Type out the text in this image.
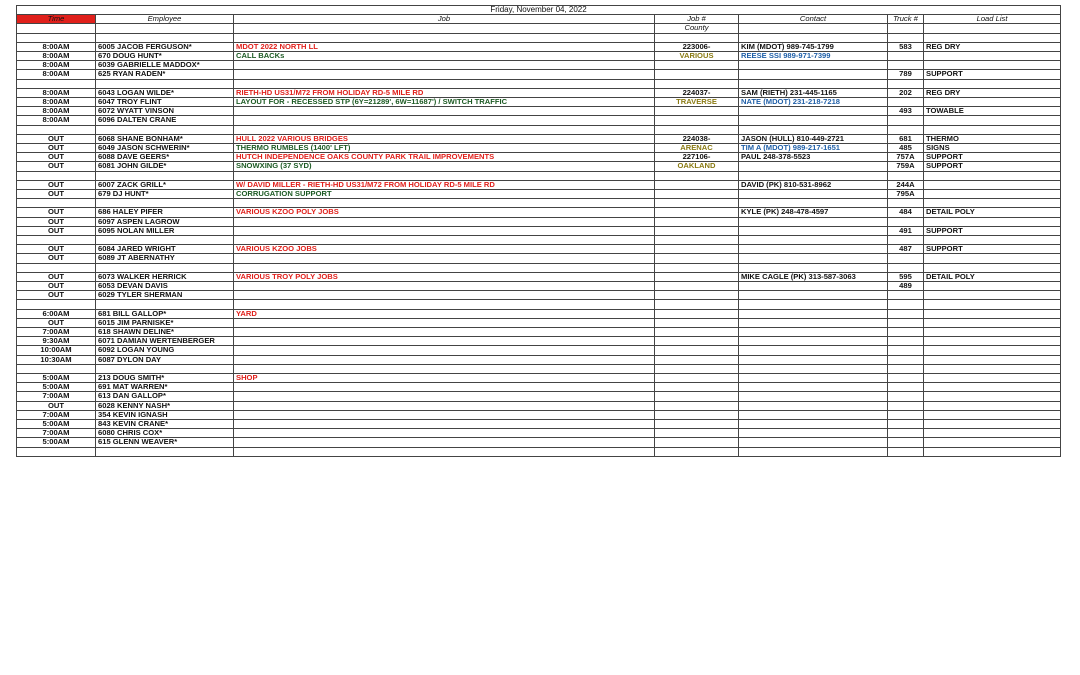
Friday, November 04, 2022						
Time	Employee	Job	Job #	Contact	Truck #	Load List
			County			

8:00AM	6005 JACOB FERGUSON*	MDOT 2022 NORTH LL	223006-	KIM (MDOT) 989-745-1799	583	REG DRY
8:00AM	670 DOUG HUNT*	CALL BACKs	VARIOUS	REESE SSI 989-971-7399		
8:00AM	6039 GABRIELLE MADDOX*					
8:00AM	625 RYAN RADEN*				789	SUPPORT

8:00AM	6043 LOGAN WILDE*	RIETH-HD US31/M72 FROM HOLIDAY RD-5 MILE RD	224037-	SAM (RIETH) 231-445-1165	202	REG DRY
8:00AM	6047 TROY FLINT	LAYOUT FOR - RECESSED STP (6Y=21289', 6W=11687') / SWITCH TRAFFIC	TRAVERSE	NATE (MDOT) 231-218-7218		
8:00AM	6072 WYATT VINSON				493	TOWABLE
8:00AM	6096 DALTEN CRANE					

OUT	6068 SHANE BONHAM*	HULL 2022 VARIOUS BRIDGES	224038-	JASON (HULL) 810-449-2721	681	THERMO
OUT	6049 JASON SCHWERIN*	THERMO RUMBLES (1400' LFT)	ARENAC	TIM A (MDOT) 989-217-1651	485	SIGNS
OUT	6088 DAVE GEERS*	HUTCH INDEPENDENCE OAKS COUNTY PARK TRAIL IMPROVEMENTS	227106-	PAUL 248-378-5523	757A	SUPPORT
OUT	6081 JOHN GILDE*	SNOWXING (37 SYD)	OAKLAND		759A	SUPPORT

OUT	6007 ZACK GRILL*	W/ DAVID MILLER - RIETH-HD US31/M72 FROM HOLIDAY RD-5 MILE RD		DAVID (PK) 810-531-8962	244A	
OUT	679 DJ HUNT*	CORRUGATION SUPPORT			795A	

OUT	686 HALEY PIFER	VARIOUS KZOO POLY JOBS		KYLE (PK) 248-478-4597	484	DETAIL POLY
OUT	6097 ASPEN LAGROW					
OUT	6095 NOLAN MILLER				491	SUPPORT

OUT	6084 JARED WRIGHT	VARIOUS KZOO JOBS			487	SUPPORT
OUT	6089 JT ABERNATHY					

OUT	6073 WALKER HERRICK	VARIOUS TROY POLY JOBS		MIKE CAGLE (PK) 313-587-3063	595	DETAIL POLY
OUT	6053 DEVAN DAVIS				489	
OUT	6029 TYLER SHERMAN					

6:00AM	681 BILL GALLOP*	YARD				
OUT	6015 JIM PARNISKE*					
7:00AM	618 SHAWN DELINE*					
9:30AM	6071 DAMIAN WERTENBERGER					
10:00AM	6092 LOGAN YOUNG					
10:30AM	6087 DYLON DAY					

5:00AM	213 DOUG SMITH*	SHOP				
5:00AM	691 MAT WARREN*					
7:00AM	613 DAN GALLOP*					
OUT	6028 KENNY NASH*					
7:00AM	354 KEVIN IGNASH					
5:00AM	843 KEVIN CRANE*					
7:00AM	6080 CHRIS COX*					
5:00AM	615 GLENN WEAVER*					
